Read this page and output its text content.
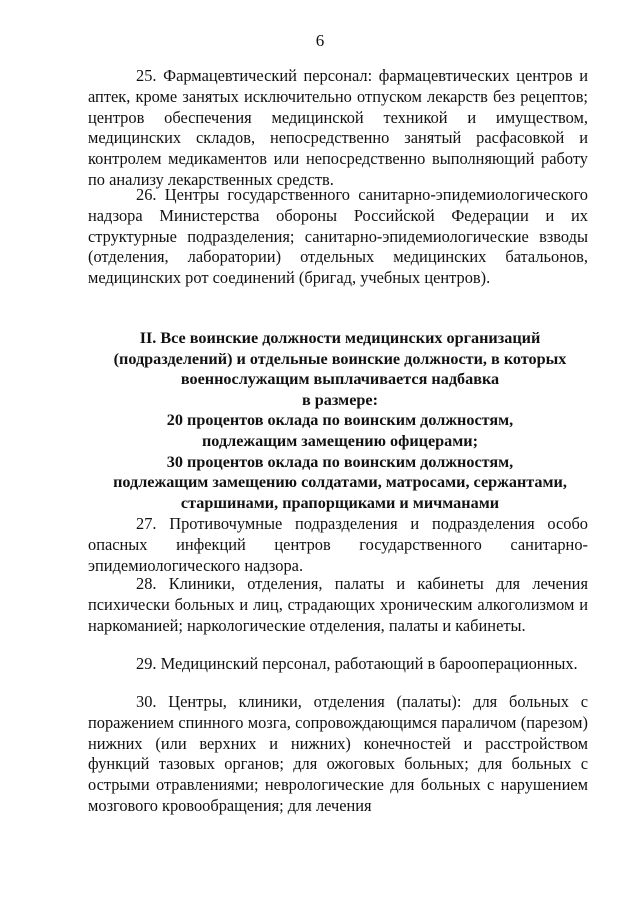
6

25. Фармацевтический персонал: фармацевтических центров и аптек, кроме занятых исключительно отпуском лекарств без рецептов; центров обеспечения медицинской техникой и имуществом, медицинских складов, непосредственно занятый расфасовкой и контролем медикаментов или непосредственно выполняющий работу по анализу лекарственных средств.

26. Центры государственного санитарно-эпидемиологического надзора Министерства обороны Российской Федерации и их структурные подразделения; санитарно-эпидемиологические взводы (отделения, лаборатории) отдельных медицинских батальонов, медицинских рот соединений (бригад, учебных центров).

II. Все воинские должности медицинских организаций
(подразделений) и отдельные воинские должности, в которых
военнослужащим выплачивается надбавка
в размере:
20 процентов оклада по воинским должностям,
подлежащим замещению офицерами;
30 процентов оклада по воинским должностям,
подлежащим замещению солдатами, матросами, сержантами,
старшинами, прапорщиками и мичманами

27. Противочумные подразделения и подразделения особо опасных инфекций центров государственного санитарно-эпидемиологического надзора.

28. Клиники, отделения, палаты и кабинеты для лечения психически больных и лиц, страдающих хроническим алкоголизмом и наркоманией; наркологические отделения, палаты и кабинеты.

29. Медицинский персонал, работающий в барооперационных.

30. Центры, клиники, отделения (палаты): для больных с поражением спинного мозга, сопровождающимся параличом (парезом) нижних (или верхних и нижних) конечностей и расстройством функций тазовых органов; для ожоговых больных; для больных с острыми отравлениями; неврологические для больных с нарушением мозгового кровообращения; для лечения
